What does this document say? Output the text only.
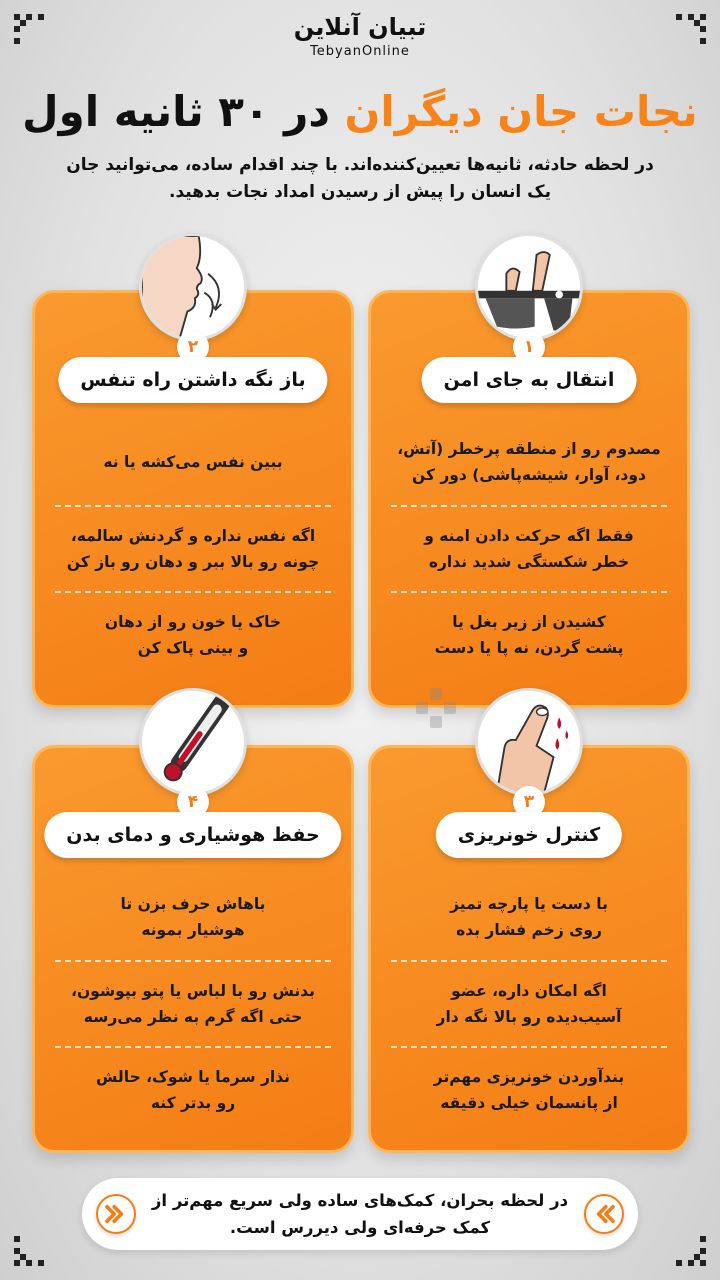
تبیان آنلاین
TebyanOnline
نجات جان دیگران در ۳۰ ثانیه اول
در لحظه حادثه، ثانیه‌ها تعیین‌کننده‌اند. با چند اقدام ساده، می‌توانید جان
یک انسان را پیش از رسیدن امداد نجات بدهید.
۱
انتقال به جای امن
مصدوم رو از منطقه پرخطر (آتش،
دود، آوار، شیشه‌پاشی) دور کن
فقط اگه حرکت دادن امنه و
خطر شکستگی شدید نداره
کشیدن از زیر بغل یا
پشت گردن، نه پا یا دست
۲
باز نگه داشتن راه تنفس
ببین نفس می‌کشه یا نه
اگه نفس نداره و گردنش سالمه،
چونه رو بالا ببر و دهان رو باز کن
خاک یا خون رو از دهان
و بینی پاک کن
۳
کنترل خونریزی
با دست یا پارچه تمیز
روی زخم فشار بده
اگه امکان داره، عضو
آسیب‌دیده رو بالا نگه دار
بندآوردن خونریزی مهم‌تر
از پانسمان خیلی دقیقه
۴
حفظ هوشیاری و دمای بدن
باهاش حرف بزن تا
هوشیار بمونه
بدنش رو با لباس یا پتو بپوشون،
حتی اگه گرم به نظر می‌رسه
نذار سرما یا شوک، حالش
رو بدتر کنه
در لحظه بحران، کمک‌های ساده ولی سریع مهم‌تر از
کمک حرفه‌ای ولی دیررس است.
